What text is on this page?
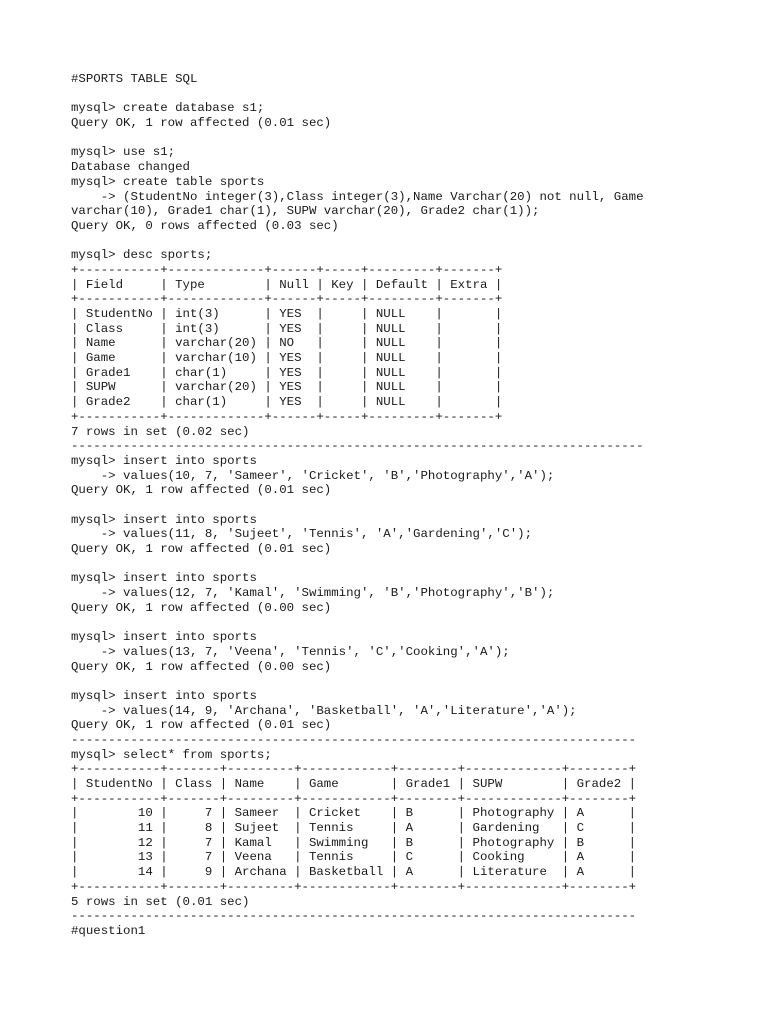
#SPORTS TABLE SQL
mysql> create database s1;
Query OK, 1 row affected (0.01 sec)
mysql> use s1;
Database changed
mysql> create table sports
-> (StudentNo integer(3),Class integer(3),Name Varchar(20) not null, Game
varchar(10), Grade1 char(1), SUPW varchar(20), Grade2 char(1));
Query OK, 0 rows affected (0.03 sec)
mysql> desc sports;
+-----------+-------------+------+-----+---------+-------+
| Field     | Type        | Null | Key | Default | Extra |
+-----------+-------------+------+-----+---------+-------+
| StudentNo | int(3)      | YES  |     | NULL    |       |
| Class     | int(3)      | YES  |     | NULL    |       |
| Name      | varchar(20) | NO   |     | NULL    |       |
| Game      | varchar(10) | YES  |     | NULL    |       |
| Grade1    | char(1)     | YES  |     | NULL    |       |
| SUPW      | varchar(20) | YES  |     | NULL    |       |
| Grade2    | char(1)     | YES  |     | NULL    |       |
+-----------+-------------+------+-----+---------+-------+
7 rows in set (0.02 sec)
-----------------------------------------------------------------------------
mysql> insert into sports
-> values(10, 7, 'Sameer', 'Cricket', 'B','Photography','A');
Query OK, 1 row affected (0.01 sec)
mysql> insert into sports
-> values(11, 8, 'Sujeet', 'Tennis', 'A','Gardening','C');
Query OK, 1 row affected (0.01 sec)
mysql> insert into sports
-> values(12, 7, 'Kamal', 'Swimming', 'B','Photography','B');
Query OK, 1 row affected (0.00 sec)
mysql> insert into sports
-> values(13, 7, 'Veena', 'Tennis', 'C','Cooking','A');
Query OK, 1 row affected (0.00 sec)
mysql> insert into sports
-> values(14, 9, 'Archana', 'Basketball', 'A','Literature','A');
Query OK, 1 row affected (0.01 sec)
----------------------------------------------------------------------------
mysql> select* from sports;
+-----------+-------+---------+------------+--------+-------------+--------+
| StudentNo | Class | Name    | Game       | Grade1 | SUPW        | Grade2 |
+-----------+-------+---------+------------+--------+-------------+--------+
|        10 |     7 | Sameer  | Cricket    | B      | Photography | A      |
|        11 |     8 | Sujeet  | Tennis     | A      | Gardening   | C      |
|        12 |     7 | Kamal   | Swimming   | B      | Photography | B      |
|        13 |     7 | Veena   | Tennis     | C      | Cooking     | A      |
|        14 |     9 | Archana | Basketball | A      | Literature  | A      |
+-----------+-------+---------+------------+--------+-------------+--------+
5 rows in set (0.01 sec)
----------------------------------------------------------------------------
#question1
